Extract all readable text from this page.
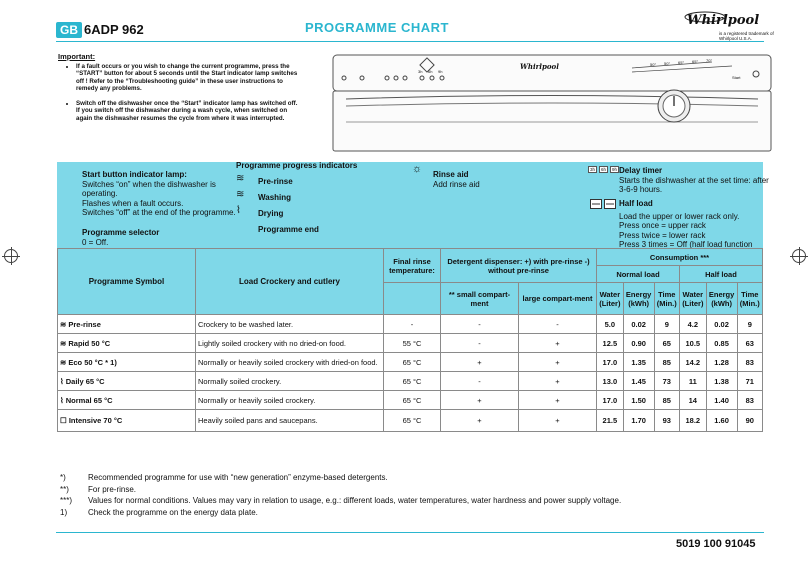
GB 6ADP 962	PROGRAMME CHART	Whirlpool
is a registered trademark of Whirlpool U.S.A.
Important:
• If a fault occurs or you wish to change the current programme, press the “START” button for about 5 seconds until the Start indicator lamp switches off ! Refer to the “Troubleshooting guide” in these user instructions to remedy any problems.
• Switch off the dishwasher once the “Start” indicator lamp has switched off. If you switch off the dishwasher during a wash cycle, when switched on again the dishwasher resumes the cycle from where it was interrupted.
Whirlpool
Start
3h 6h 9h
50° 50° 65° 65° 70°
Start button indicator lamp:
Switches “on” when the dishwasher is operating.
Flashes when a fault occurs.
Switches “off” at the end of the programme.
Programme selector
0 = Off.
Programme progress indicators
≋ Pre-rinse
≋ Washing
⌇ Drying
Programme end
☼ Rinse aid
Add rinse aid
3h	6h	9h Delay timer
Starts the dishwasher at the set time: after 3-6-9 hours.
Half load
Load the upper or lower rack only.
Press once = upper rack
Press twice = lower rack
Press 3 times = Off (half load function
Programme Symbol	Load Crockery and cutlery	Final rinse temperature:	Detergent dispenser: +) with pre-rinse -) without pre-rinse		Consumption ***					
					Normal load			Half load		
			** small compart-ment	large compart-ment	Water (Liter)	Energy (kWh)	Time (Min.)	Water (Liter)	Energy (kWh)	Time (Min.)
≋ Pre-rinse	Crockery to be washed later.	-	-	-	5.0	0.02	9	4.2	0.02	9
≋ Rapid 50 °C	Lightly soiled crockery with no dried-on food.	55 °C	-	+	12.5	0.90	65	10.5	0.85	63
≋ Eco 50 °C * 1)	Normally or heavily soiled crockery with dried-on food.	65 °C	+	+	17.0	1.35	85	14.2	1.28	83
⌇ Daily 65 °C	Normally soiled crockery.	65 °C	-	+	13.0	1.45	73	11	1.38	71
⌇ Normal 65 °C	Normally or heavily soiled crockery.	65 °C	+	+	17.0	1.50	85	14	1.40	83
☐ Intensive 70 °C	Heavily soiled pans and saucepans.	65 °C	+	+	21.5	1.70	93	18.2	1.60	90
*)	Recommended programme for use with “new generation” enzyme-based detergents.
**) For pre-rinse.
***) Values for normal conditions. Values may vary in relation to usage, e.g.: different loads, water temperatures, water hardness and power supply voltage.
1)	Check the programme on the energy data plate.
5019 100 91045
